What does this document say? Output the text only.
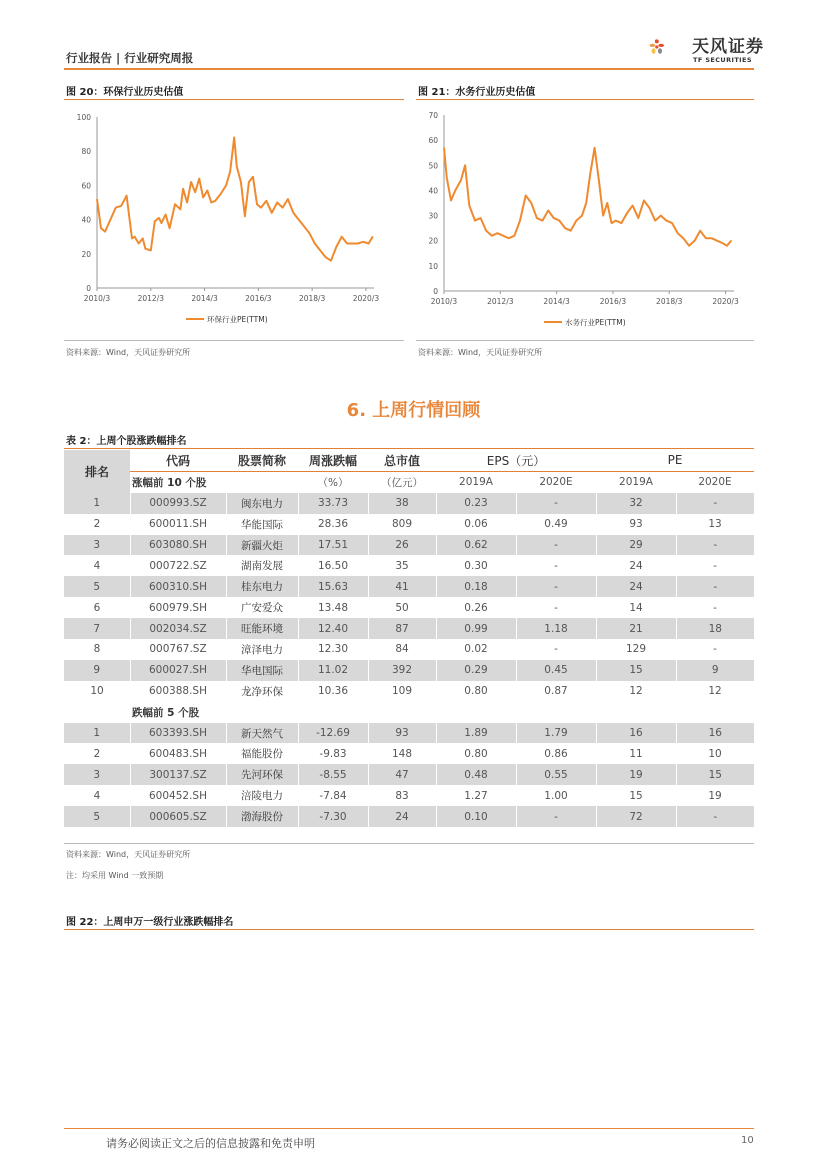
行业报告 | 行业研究周报
天风证券
TF SECURITIES
图 20：环保行业历史估值
0
20
40
60
80
100
2010/3	2012/3	2014/3	2016/3	2018/3	2020/3
环保行业PE(TTM)
资料来源：Wind，天风证券研究所
图 21：水务行业历史估值
0
10
20
30
40
50
60
70
2010/3	2012/3	2014/3	2016/3	2018/3	2020/3
水务行业PE(TTM)
资料来源：Wind，天风证券研究所
6. 上周行情回顾
表 2：上周个股涨跌幅排名
排名	代码	股票简称	周涨跌幅	总市值	EPS（元）		PE	
	涨幅前 10 个股		（%）	（亿元）	2019A	2020E	2019A	2020E
1	000993.SZ	闽东电力	33.73	38	0.23	-	32	-
2	600011.SH	华能国际	28.36	809	0.06	0.49	93	13
3	603080.SH	新疆火炬	17.51	26	0.62	-	29	-
4	000722.SZ	湖南发展	16.50	35	0.30	-	24	-
5	600310.SH	桂东电力	15.63	41	0.18	-	24	-
6	600979.SH	广安爱众	13.48	50	0.26	-	14	-
7	002034.SZ	旺能环境	12.40	87	0.99	1.18	21	18
8	000767.SZ	漳泽电力	12.30	84	0.02	-	129	-
9	600027.SH	华电国际	11.02	392	0.29	0.45	15	9
10	600388.SH	龙净环保	10.36	109	0.80	0.87	12	12
	跌幅前 5 个股							
1	603393.SH	新天然气	-12.69	93	1.89	1.79	16	16
2	600483.SH	福能股份	-9.83	148	0.80	0.86	11	10
3	300137.SZ	先河环保	-8.55	47	0.48	0.55	19	15
4	600452.SH	涪陵电力	-7.84	83	1.27	1.00	15	19
5	000605.SZ	渤海股份	-7.30	24	0.10	-	72	-
资料来源：Wind，天风证券研究所
注：均采用 Wind 一致预期
图 22：上周申万一级行业涨跌幅排名
请务必阅读正文之后的信息披露和免责申明	10
